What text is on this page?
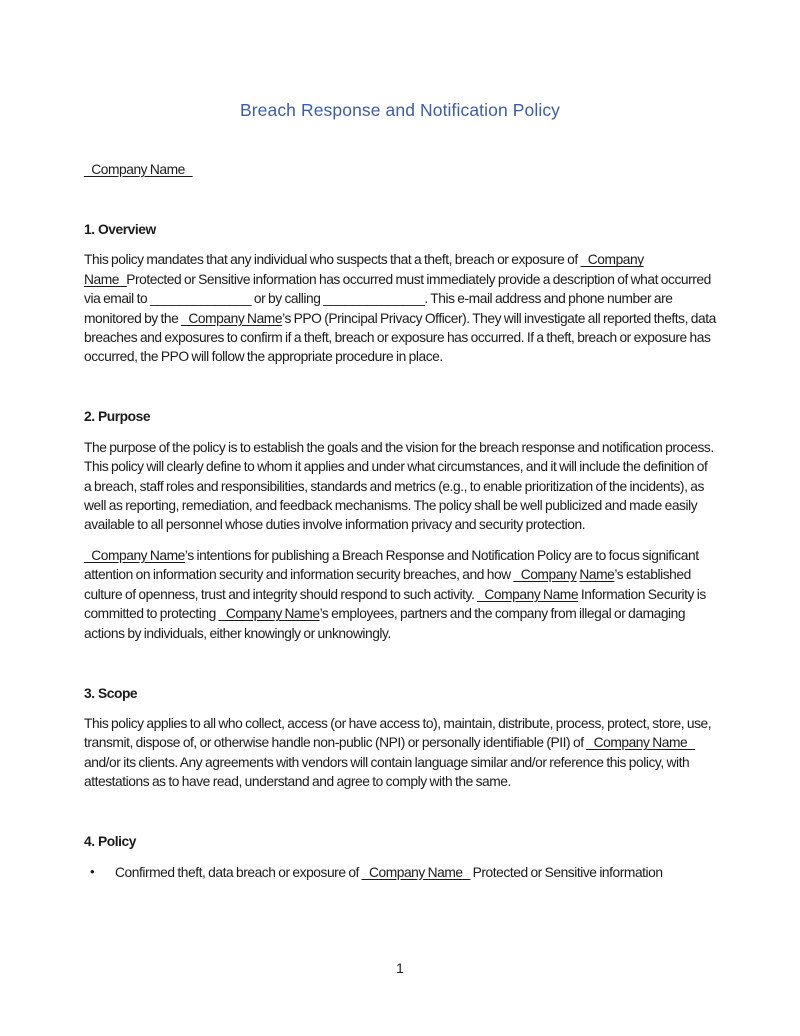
Breach Response and Notification Policy

_Company Name_

1. Overview

This policy mandates that any individual who suspects that a theft, breach or exposure of _Company Name_Protected or Sensitive information has occurred must immediately provide a description of what occurred via email to ______________ or by calling ______________. This e-mail address and phone number are monitored by the _Company Name’s PPO (Principal Privacy Officer). They will investigate all reported thefts, data breaches and exposures to confirm if a theft, breach or exposure has occurred. If a theft, breach or exposure has occurred, the PPO will follow the appropriate procedure in place.

2. Purpose

The purpose of the policy is to establish the goals and the vision for the breach response and notification process. This policy will clearly define to whom it applies and under what circumstances, and it will include the definition of a breach, staff roles and responsibilities, standards and metrics (e.g., to enable prioritization of the incidents), as well as reporting, remediation, and feedback mechanisms. The policy shall be well publicized and made easily available to all personnel whose duties involve information privacy and security protection.

_Company Name’s intentions for publishing a Breach Response and Notification Policy are to focus significant attention on information security and information security breaches, and how _Company Name’s established culture of openness, trust and integrity should respond to such activity. _Company Name Information Security is committed to protecting _Company Name’s employees, partners and the company from illegal or damaging actions by individuals, either knowingly or unknowingly.

3. Scope

This policy applies to all who collect, access (or have access to), maintain, distribute, process, protect, store, use, transmit, dispose of, or otherwise handle non-public (NPI) or personally identifiable (PII) of _Company Name_ and/or its clients. Any agreements with vendors will contain language similar and/or reference this policy, with attestations as to have read, understand and agree to comply with the same.

4. Policy
• Confirmed theft, data breach or exposure of _Company Name_ Protected or Sensitive information
1
